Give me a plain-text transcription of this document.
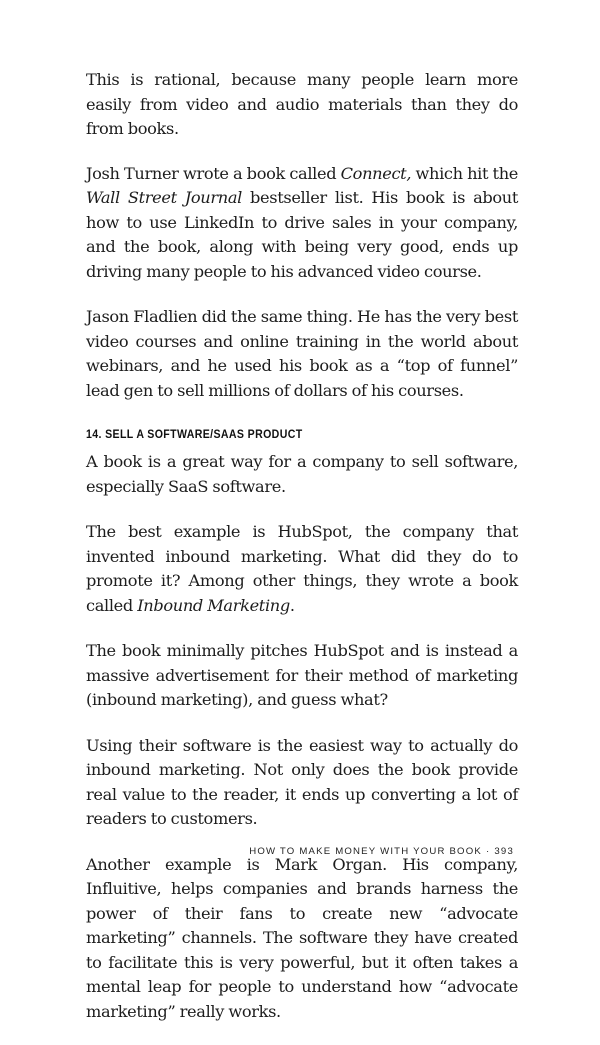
This is rational, because many people learn more easily from video and audio materials than they do from books.

Josh Turner wrote a book called Connect, which hit the Wall Street Journal bestseller list. His book is about how to use LinkedIn to drive sales in your company, and the book, along with being very good, ends up driving many people to his advanced video course.

Jason Fladlien did the same thing. He has the very best video courses and online training in the world about webinars, and he used his book as a “top of funnel” lead gen to sell millions of dollars of his courses.

14. SELL A SOFTWARE/SAAS PRODUCT

A book is a great way for a company to sell software, especially SaaS software.

The best example is HubSpot, the company that invented inbound marketing. What did they do to promote it? Among other things, they wrote a book called Inbound Marketing.

The book minimally pitches HubSpot and is instead a massive advertisement for their method of marketing (inbound marketing), and guess what?

Using their software is the easiest way to actually do inbound marketing. Not only does the book provide real value to the reader, it ends up converting a lot of readers to customers.

Another example is Mark Organ. His company, Influitive, helps companies and brands harness the power of their fans to create new “advocate marketing” channels. The software they have created to facilitate this is very powerful, but it often takes a mental leap for people to understand how “advocate marketing” really works.

HOW TO MAKE MONEY WITH YOUR BOOK · 393
